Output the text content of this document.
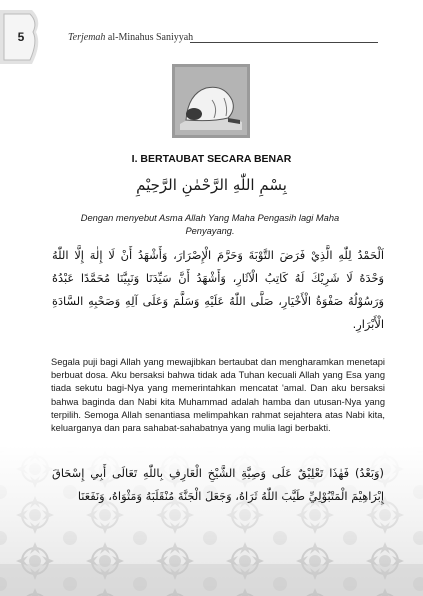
5	Terjemah al-Minahus Saniyyah
I. BERTAUBAT SECARA BENAR
بِسْمِ اللّٰهِ الرَّحْمٰنِ الرَّحِيْمِ
Dengan menyebut Asma Allah Yang Maha Pengasih lagi Maha Penyayang.
اَلْحَمْدُ لِلّٰهِ الَّذِيْ فَرَضَ التَّوْبَةَ وَحَرَّمَ الْإِصْرَارَ، وَأَشْهَدُ أَنْ لَا إِلٰهَ إِلَّا اللّٰهُ وَحْدَهُ لَا شَرِيْكَ لَهُ كَاتِبُ الْآثَارِ، وَأَشْهَدُ أَنَّ سَيِّدَنَا وَنَبِيَّنَا مُحَمَّدًا عَبْدُهُ وَرَسُوْلُهُ صَفْوَةُ الْأَخْيَارِ، صَلَّى اللّٰهُ عَلَيْهِ وَسَلَّمَ وَعَلَى آلِهِ وَصَحْبِهِ السَّادَةِ الْأَبْرَارِ.
Segala puji bagi Allah yang mewajibkan bertaubat dan mengharamkan menetapi berbuat dosa. Aku bersaksi bahwa tidak ada Tuhan kecuali Allah yang Esa yang tiada sekutu bagi-Nya yang memerintahkan mencatat 'amal. Dan aku bersaksi bahwa baginda dan Nabi kita Muhammad adalah hamba dan utusan-Nya yang terpilih. Semoga Allah senantiasa melimpahkan rahmat sejahtera atas Nabi kita, keluarganya dan para sahabat-sahabatnya yang mulia lagi berbakti.
(وَبَعْدُ) فَهٰذَا تَعْلِيْقٌ عَلَى وَصِيَّةِ الشَّيْخِ الْعَارِفِ بِاللّٰهِ تَعَالَى أَبِي إِسْحَاقَ إِبْرَاهِيْمَ الْمَتْبُوْلِيِّ طَيَّبَ اللّٰهُ ثَرَاهُ، وَجَعَلَ الْجَنَّةَ مُنْقَلَبَهُ وَمَثْوَاهُ، وَنَفَعَنَا
